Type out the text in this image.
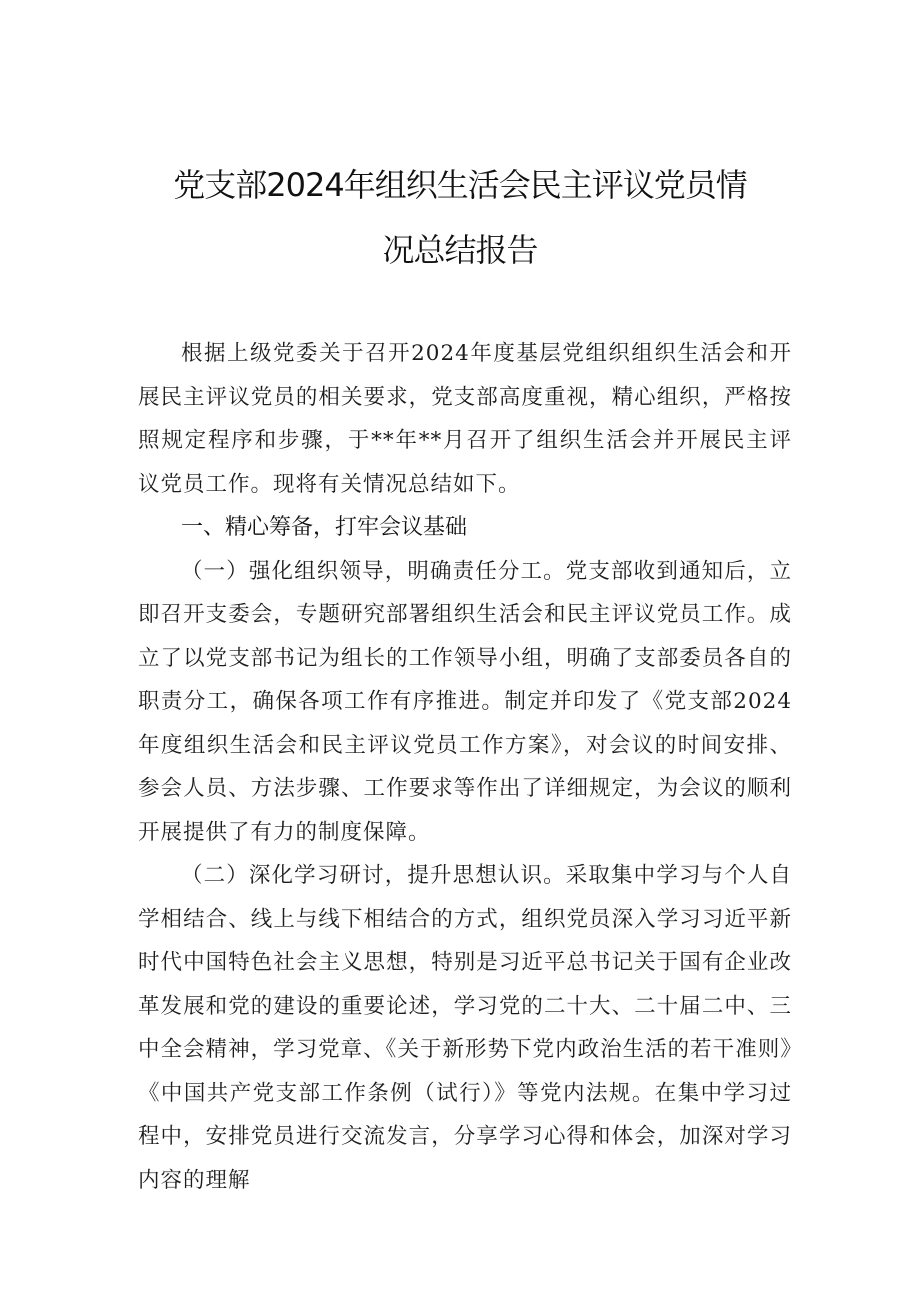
党支部2024年组织生活会民主评议党员情
况总结报告

根据上级党委关于召开2024年度基层党组织组织生活会和开展民主评议党员的相关要求，党支部高度重视，精心组织，严格按照规定程序和步骤，于**年**月召开了组织生活会并开展民主评议党员工作。现将有关情况总结如下。

一、精心筹备，打牢会议基础

（一）强化组织领导，明确责任分工。党支部收到通知后，立即召开支委会，专题研究部署组织生活会和民主评议党员工作。成立了以党支部书记为组长的工作领导小组，明确了支部委员各自的职责分工，确保各项工作有序推进。制定并印发了《党支部2024年度组织生活会和民主评议党员工作方案》，对会议的时间安排、参会人员、方法步骤、工作要求等作出了详细规定，为会议的顺利开展提供了有力的制度保障。

（二）深化学习研讨，提升思想认识。采取集中学习与个人自学相结合、线上与线下相结合的方式，组织党员深入学习习近平新时代中国特色社会主义思想，特别是习近平总书记关于国有企业改革发展和党的建设的重要论述，学习党的二十大、二十届二中、三中全会精神，学习党章、《关于新形势下党内政治生活的若干准则》《中国共产党支部工作条例（试行）》等党内法规。在集中学习过程中，安排党员进行交流发言，分享学习心得和体会，加深对学习内容的理解
